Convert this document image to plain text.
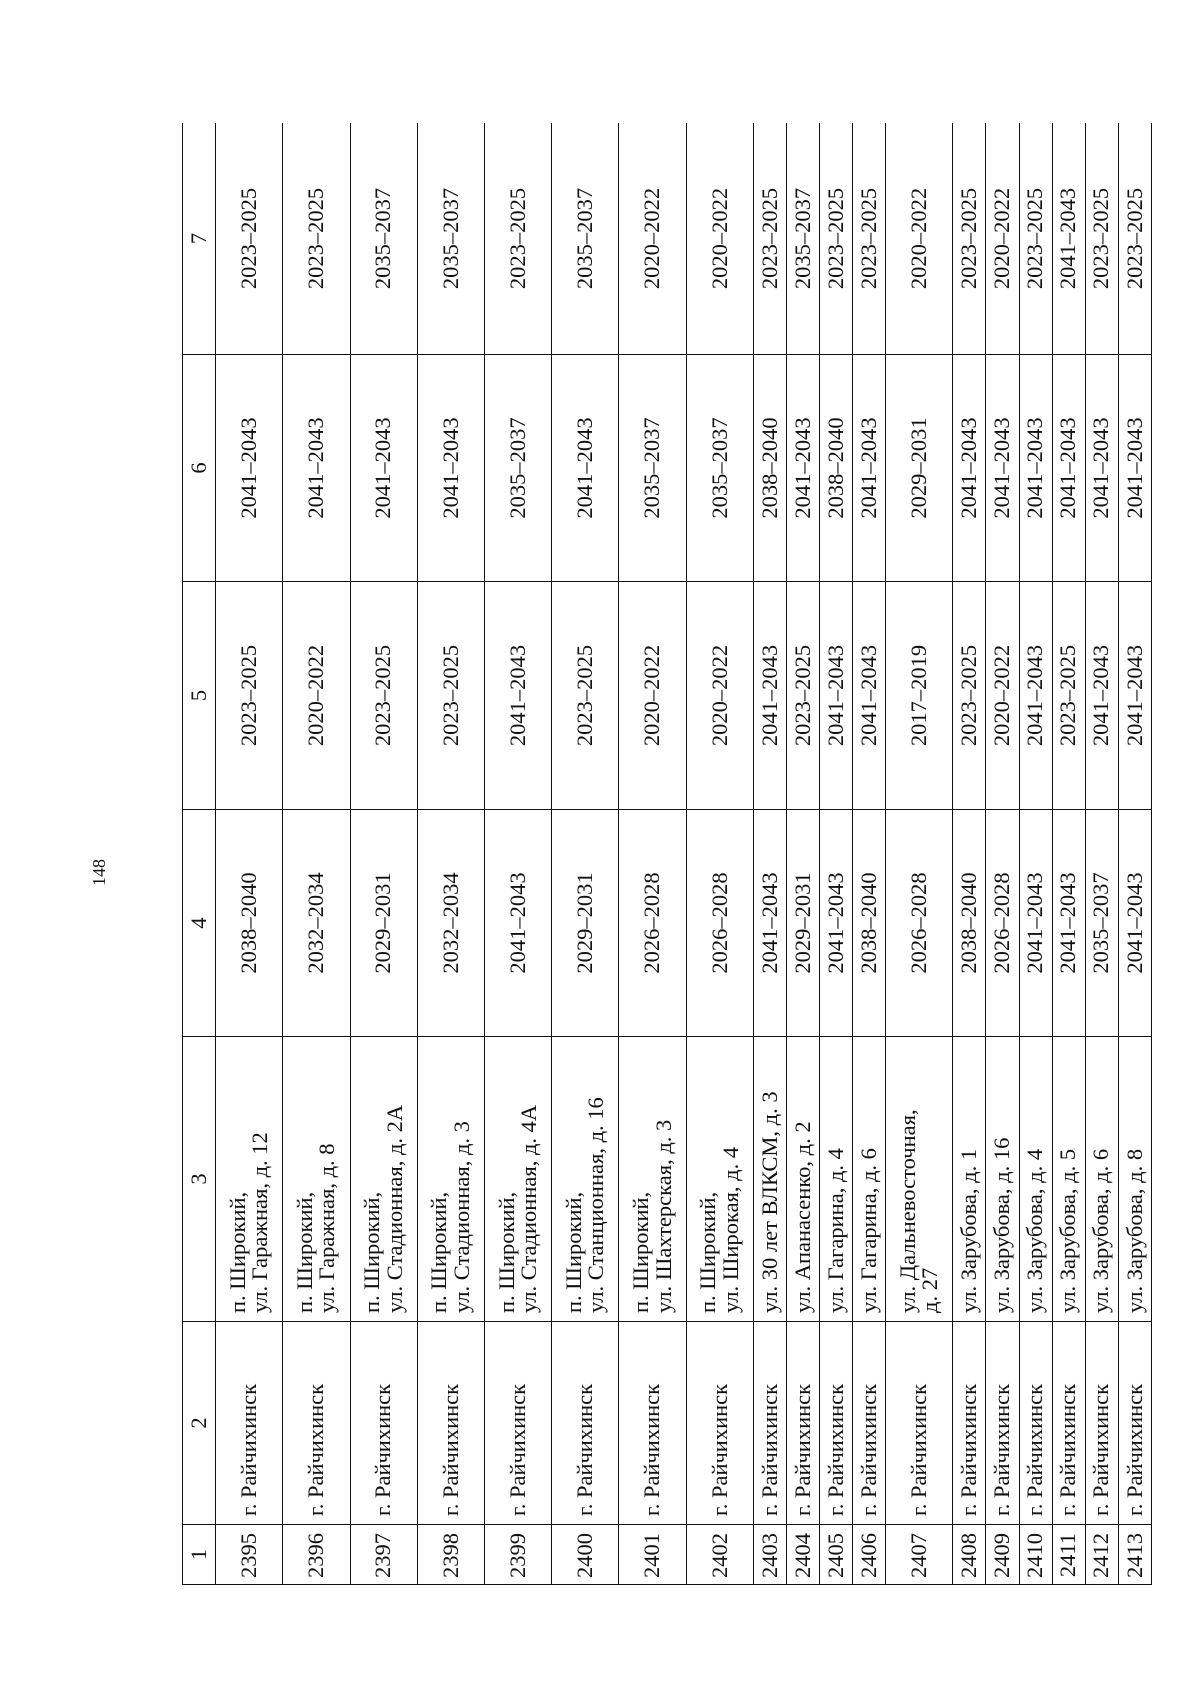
148
1	2	3	4	5	6	7
2395	г. Райчихинск	п. Широкий,
ул. Гаражная, д. 12	2038–2040	2023–2025	2041–2043	2023–2025
2396	г. Райчихинск	п. Широкий,
ул. Гаражная, д. 8	2032–2034	2020–2022	2041–2043	2023–2025
2397	г. Райчихинск	п. Широкий,
ул. Стадионная, д. 2А	2029–2031	2023–2025	2041–2043	2035–2037
2398	г. Райчихинск	п. Широкий,
ул. Стадионная, д. 3	2032–2034	2023–2025	2041–2043	2035–2037
2399	г. Райчихинск	п. Широкий,
ул. Стадионная, д. 4А	2041–2043	2041–2043	2035–2037	2023–2025
2400	г. Райчихинск	п. Широкий,
ул. Станционная, д. 16	2029–2031	2023–2025	2041–2043	2035–2037
2401	г. Райчихинск	п. Широкий,
ул. Шахтерская, д. 3	2026–2028	2020–2022	2035–2037	2020–2022
2402	г. Райчихинск	п. Широкий,
ул. Широкая, д. 4	2026–2028	2020–2022	2035–2037	2020–2022
2403	г. Райчихинск	ул. 30 лет ВЛКСМ, д. 3	2041–2043	2041–2043	2038–2040	2023–2025
2404	г. Райчихинск	ул. Апанасенко, д. 2	2029–2031	2023–2025	2041–2043	2035–2037
2405	г. Райчихинск	ул. Гагарина, д. 4	2041–2043	2041–2043	2038–2040	2023–2025
2406	г. Райчихинск	ул. Гагарина, д. 6	2038–2040	2041–2043	2041–2043	2023–2025
2407	г. Райчихинск	ул. Дальневосточная,
д. 27	2026–2028	2017–2019	2029–2031	2020–2022
2408	г. Райчихинск	ул. Зарубова, д. 1	2038–2040	2023–2025	2041–2043	2023–2025
2409	г. Райчихинск	ул. Зарубова, д. 16	2026–2028	2020–2022	2041–2043	2020–2022
2410	г. Райчихинск	ул. Зарубова, д. 4	2041–2043	2041–2043	2041–2043	2023–2025
2411	г. Райчихинск	ул. Зарубова, д. 5	2041–2043	2023–2025	2041–2043	2041–2043
2412	г. Райчихинск	ул. Зарубова, д. 6	2035–2037	2041–2043	2041–2043	2023–2025
2413	г. Райчихинск	ул. Зарубова, д. 8	2041–2043	2041–2043	2041–2043	2023–2025
